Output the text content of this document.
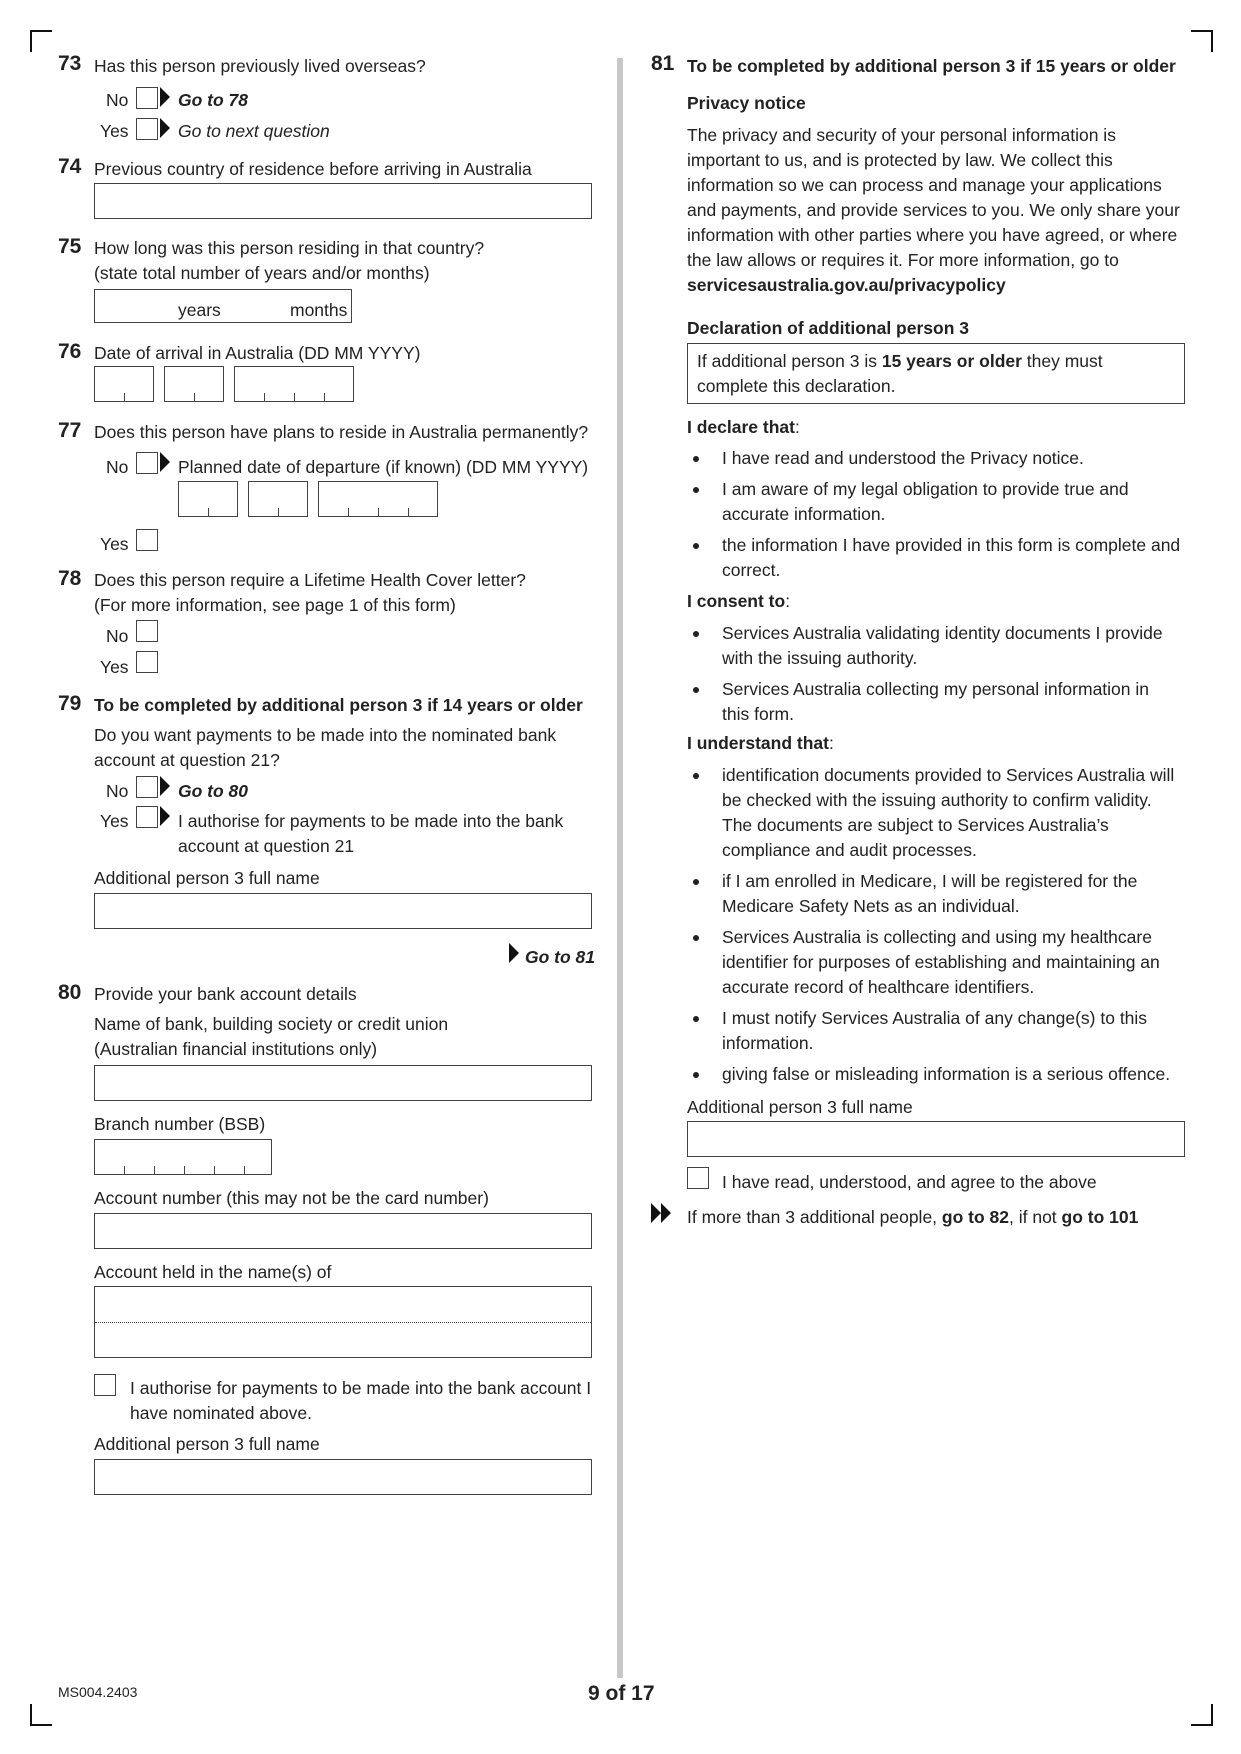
73 Has this person previously lived overseas?
No	Go to 78
Yes	Go to next question
74 Previous country of residence before arriving in Australia
75 How long was this person residing in that country?
(state total number of years and/or months)
years	months
76 Date of arrival in Australia (DD MM YYYY)
77 Does this person have plans to reside in Australia permanently?
No	Planned date of departure (if known) (DD MM YYYY)
Yes
78 Does this person require a Lifetime Health Cover letter?
(For more information, see page 1 of this form)
No
Yes
79 To be completed by additional person 3 if 14 years or older
Do you want payments to be made into the nominated bank
account at question 21?
No	Go to 80
Yes	I authorise for payments to be made into the bank
account at question 21
Additional person 3 full name
Go to 81
80 Provide your bank account details
Name of bank, building society or credit union
(Australian financial institutions only)
Branch number (BSB)
Account number (this may not be the card number)
Account held in the name(s) of
I authorise for payments to be made into the bank account I
have nominated above.
Additional person 3 full name
81 To be completed by additional person 3 if 15 years or older
Privacy notice
The privacy and security of your personal information is
important to us, and is protected by law. We collect this
information so we can process and manage your applications
and payments, and provide services to you. We only share your
information with other parties where you have agreed, or where
the law allows or requires it. For more information, go to
servicesaustralia.gov.au/privacypolicy
Declaration of additional person 3
If additional person 3 is 15 years or older they must
complete this declaration.
I declare that:
I have read and understood the Privacy notice.
I am aware of my legal obligation to provide true and
accurate information.
the information I have provided in this form is complete and
correct.
I consent to:
Services Australia validating identity documents I provide
with the issuing authority.
Services Australia collecting my personal information in
this form.
I understand that:
identification documents provided to Services Australia will
be checked with the issuing authority to confirm validity.
The documents are subject to Services Australia’s
compliance and audit processes.
if I am enrolled in Medicare, I will be registered for the
Medicare Safety Nets as an individual.
Services Australia is collecting and using my healthcare
identifier for purposes of establishing and maintaining an
accurate record of healthcare identifiers.
I must notify Services Australia of any change(s) to this
information.
giving false or misleading information is a serious offence.
Additional person 3 full name
I have read, understood, and agree to the above
If more than 3 additional people, go to 82, if not go to 101
MS004.2403	9 of 17
